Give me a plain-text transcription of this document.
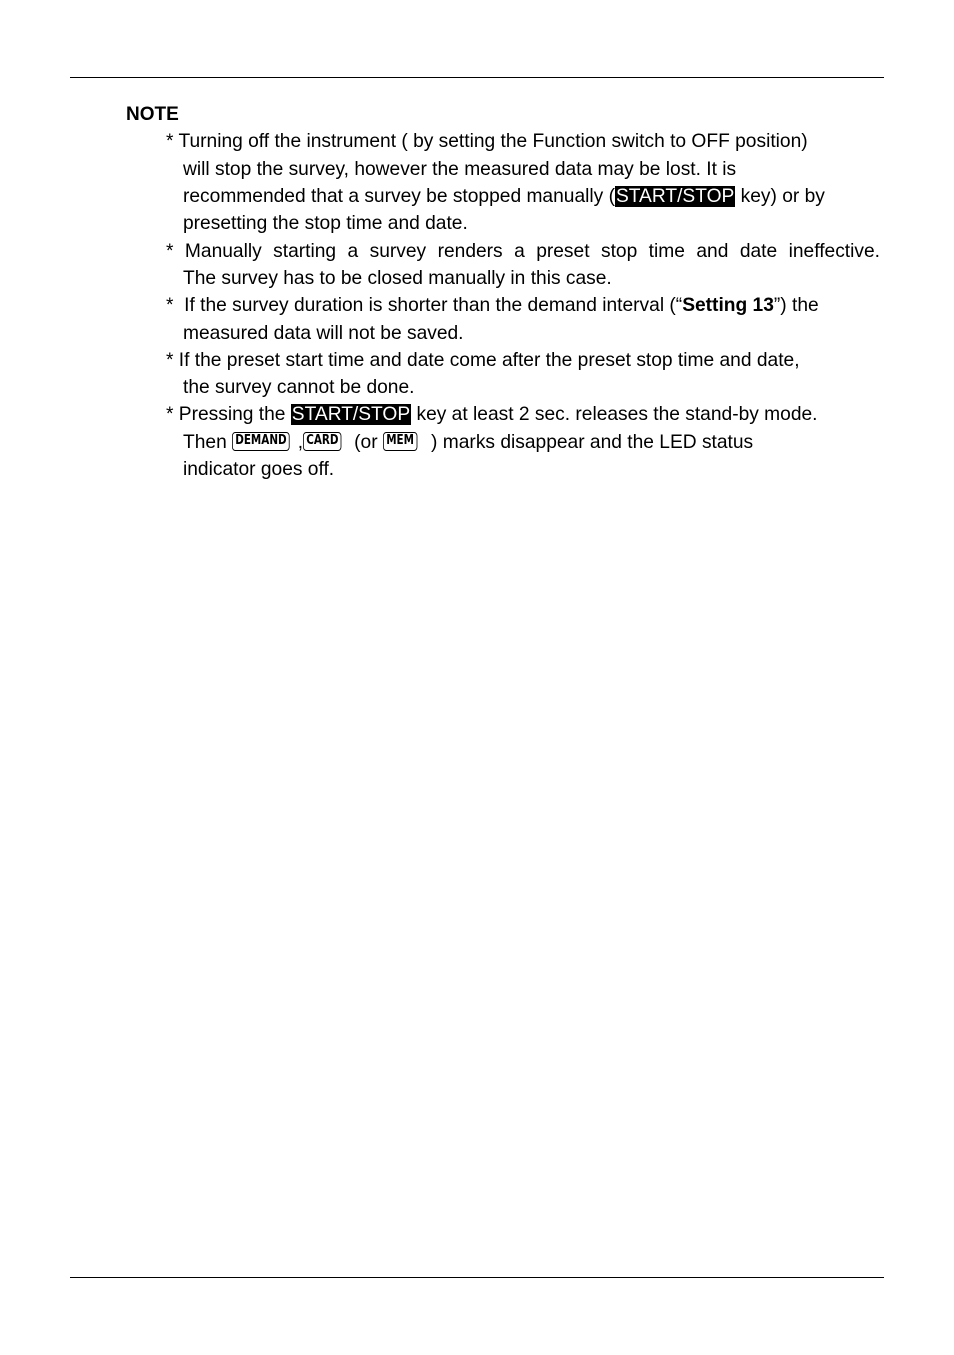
NOTE
* Turning off the instrument ( by setting the Function switch to OFF position)
will stop the survey, however the measured data may be lost. It is
recommended that a survey be stopped manually (START/STOP key) or by
presetting the stop time and date.
* Manually starting a survey renders a preset stop time and date ineffective.
The survey has to be closed manually in this case.
*  If the survey duration is shorter than the demand interval (“Setting 13”) the
measured data will not be saved.
* If the preset start time and date come after the preset stop time and date,
the survey cannot be done.
* Pressing the START/STOP key at least 2 sec. releases the stand-by mode.
Then DEMAND , CARD  (or MEM ) marks disappear and the LED status
indicator goes off.
